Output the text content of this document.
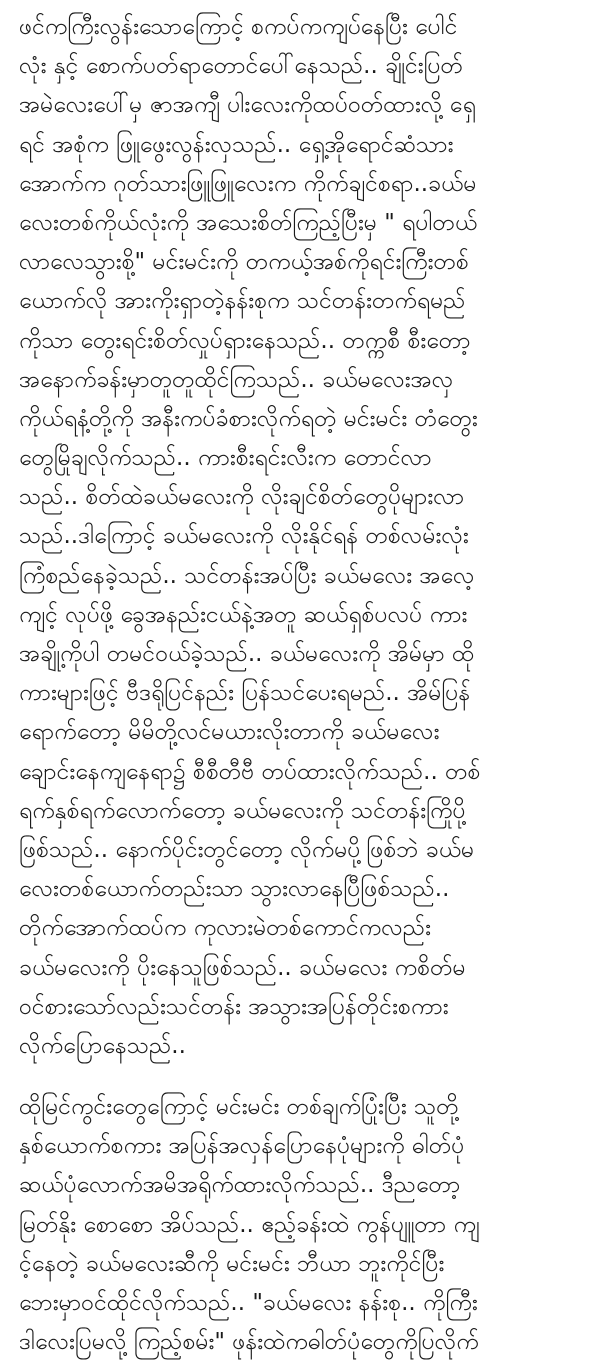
ဖင်ကကြီးလွန်းသောကြောင့် စကပ်ကကျပ်နေပြီး ပေါင်
လုံး နှင့် စောက်ပတ်ရာတောင်ပေါ်နေသည်.. ချိုင်းပြတ်
အမဲလေးပေါ်မှ ဇာအကျီ ပါးလေးကိုထပ်ဝတ်ထားလို့ ရှေ
ရင် အစုံက ဖြူဖွေးလွန်းလှသည်.. ရှေ့အိုရောင်ဆံသား
အောက်က ဂုတ်သားဖြူဖြူလေးက ကိုက်ချင်စရာ..ခယ်မ
လေးတစ်ကိုယ်လုံးကို အသေးစိတ်ကြည့်ပြီးမှ " ရပါတယ်
လာလေသွားစို့" မင်းမင်းကို တကယ့်အစ်ကိုရင်းကြီးတစ်
ယောက်လို အားကိုးရှာတဲ့နန်းစုက သင်တန်းတက်ရမည်
ကိုသာ တွေးရင်းစိတ်လှုပ်ရှားနေသည်.. တက္ကစီ စီးတော့
အနောက်ခန်းမှာတူတူထိုင်ကြသည်.. ခယ်မလေးအလှ
ကိုယ်ရနံ့တို့ကို အနီးကပ်ခံစားလိုက်ရတဲ့ မင်းမင်း တံတွေး
တွေမြိုချလိုက်သည်.. ကားစီးရင်းလီးက တောင်လာ
သည်.. စိတ်ထဲခယ်မလေးကို လိုးချင်စိတ်တွေပိုများလာ
သည်..ဒါကြောင့် ခယ်မလေးကို လိုးနိုင်ရန် တစ်လမ်းလုံး
ကြံစည်နေခဲ့သည်.. သင်တန်းအပ်ပြီး ခယ်မလေး အလေ့
ကျင့် လုပ်ဖို့ ခွေအနည်းငယ်နဲ့အတူ ဆယ်ရှစ်ပလပ် ကား
အချို့ကိုပါ တမင်ဝယ်ခဲ့သည်.. ခယ်မလေးကို အိမ်မှာ ထို
ကားများဖြင့် ဗီဒရိုပြင်နည်း ပြန်သင်ပေးရမည်.. အိမ်ပြန်
ရောက်တော့ မိမိတို့လင်မယားလိုးတာကို ခယ်မလေး
ချောင်းနေကျနေရာ၌ စီစီတီဗီ တပ်ထားလိုက်သည်.. တစ်
ရက်နှစ်ရက်လောက်တော့ ခယ်မလေးကို သင်တန်းကြိုပို့
ဖြစ်သည်.. နောက်ပိုင်းတွင်တော့ လိုက်မပို့ဖြစ်ဘဲ ခယ်မ
လေးတစ်ယောက်တည်းသာ သွားလာနေပြီဖြစ်သည်..
တိုက်အောက်ထပ်က ကုလားမဲတစ်ကောင်ကလည်း
ခယ်မလေးကို ပိုးနေသူဖြစ်သည်.. ခယ်မလေး ကစိတ်မ
ဝင်စားသော်လည်းသင်တန်း အသွားအပြန်တိုင်းစကား
လိုက်ပြောနေသည်..
ထိုမြင်ကွင်းတွေကြောင့် မင်းမင်း တစ်ချက်ပြုံးပြီး သူတို့
နှစ်ယောက်စကား အပြန်အလှန်ပြောနေပုံများကို ဓါတ်ပုံ
ဆယ်ပုံလောက်အမိအရိုက်ထားလိုက်သည်.. ဒီညတော့
မြတ်နိုး စောစော အိပ်သည်.. ဧည့်ခန်းထဲ ကွန်ပျူတာ ကျ
င့်နေတဲ့ ခယ်မလေးဆီကို မင်းမင်း ဘီယာ ဘူးကိုင်ပြီး
ဘေးမှာဝင်ထိုင်လိုက်သည်.. "ခယ်မလေး နန်းစု.. ကိုကြီး
ဒါလေးပြမလို့ ကြည့်စမ်း" ဖုန်းထဲကဓါတ်ပုံတွေကိုပြလိုက်
